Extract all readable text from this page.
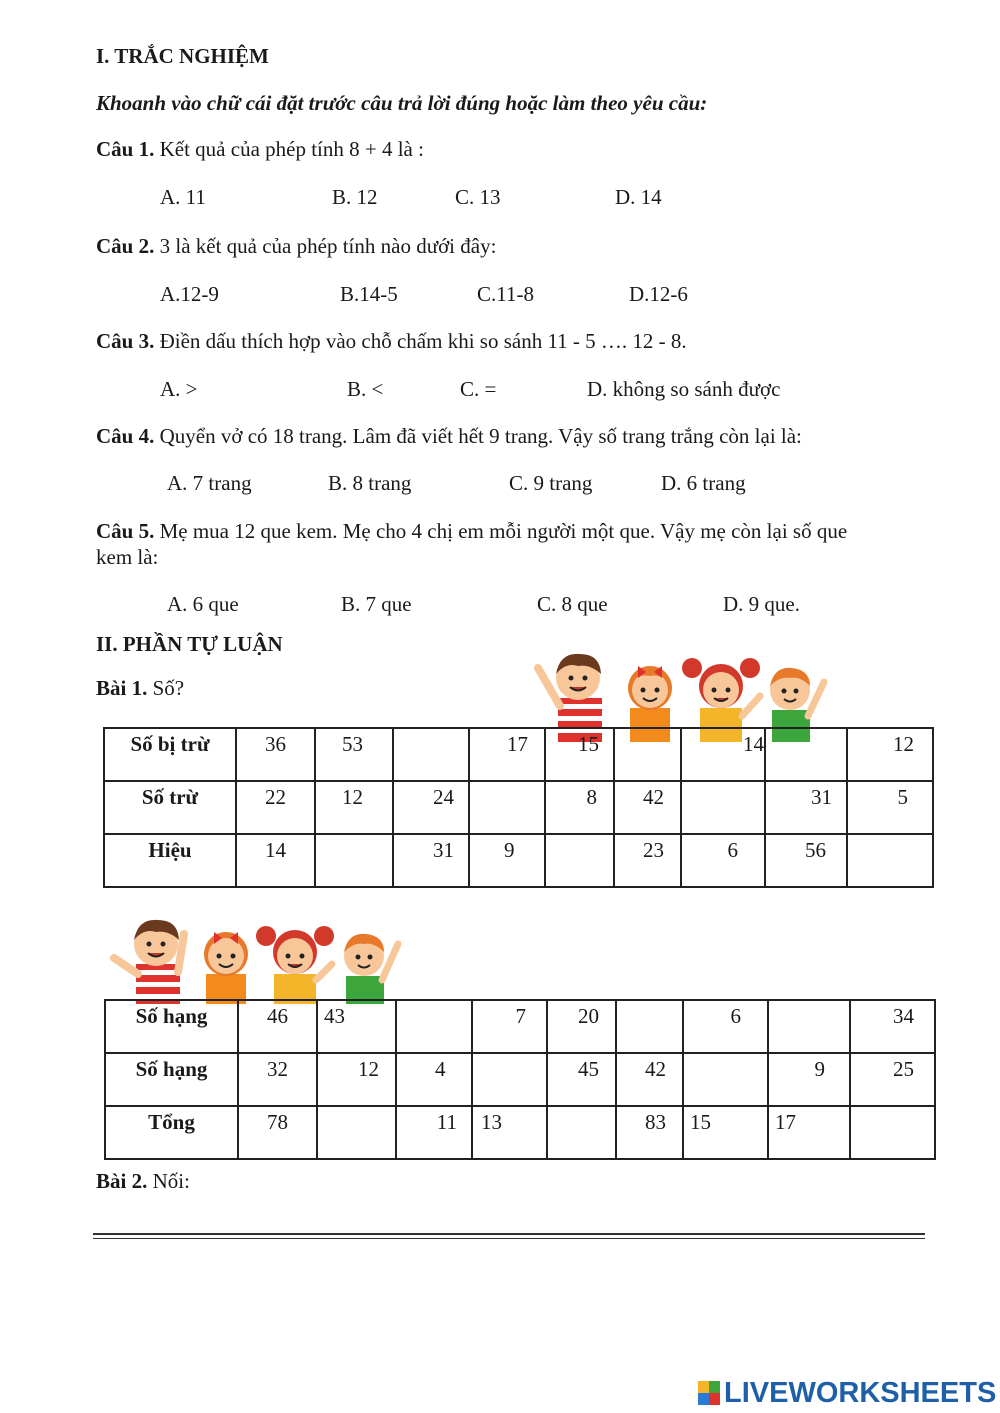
I. TRẮC NGHIỆM
Khoanh vào chữ cái đặt trước câu trả lời đúng hoặc làm theo yêu cầu:
Câu 1. Kết quả của phép tính 8 + 4 là :
A. 11	B. 12	C. 13	D. 14
Câu 2. 3 là kết quả của phép tính nào dưới đây:
A.12-9	B.14-5	C.11-8	D.12-6
Câu 3. Điền dấu thích hợp vào chỗ chấm khi so sánh 11 - 5 …. 12 - 8.
A. >	B. <	C. =	D. không so sánh được
Câu 4. Quyển vở có 18 trang. Lâm đã viết hết 9 trang. Vậy số trang trắng còn lại là:
A. 7 trang	B. 8 trang	C. 9 trang	D. 6 trang
Câu 5. Mẹ mua 12 que kem. Mẹ cho 4 chị em mỗi người một que. Vậy mẹ còn lại số que kem là:
A. 6 que	B. 7 que	C. 8 que	D. 9 que.
II. PHẦN TỰ LUẬN
Bài 1. Số?
Số bị trừ	36	53		17	15		14		12
Số trừ	22	12	24		8	42		31	5
Hiệu	14		31	9		23	6	56	
Số hạng	46	43		7	20		6		34
Số hạng	32	12	4		45	42		9	25
Tổng	78		11	13		83	15	17	
Bài 2. Nối:
LIVEWORKSHEETS
